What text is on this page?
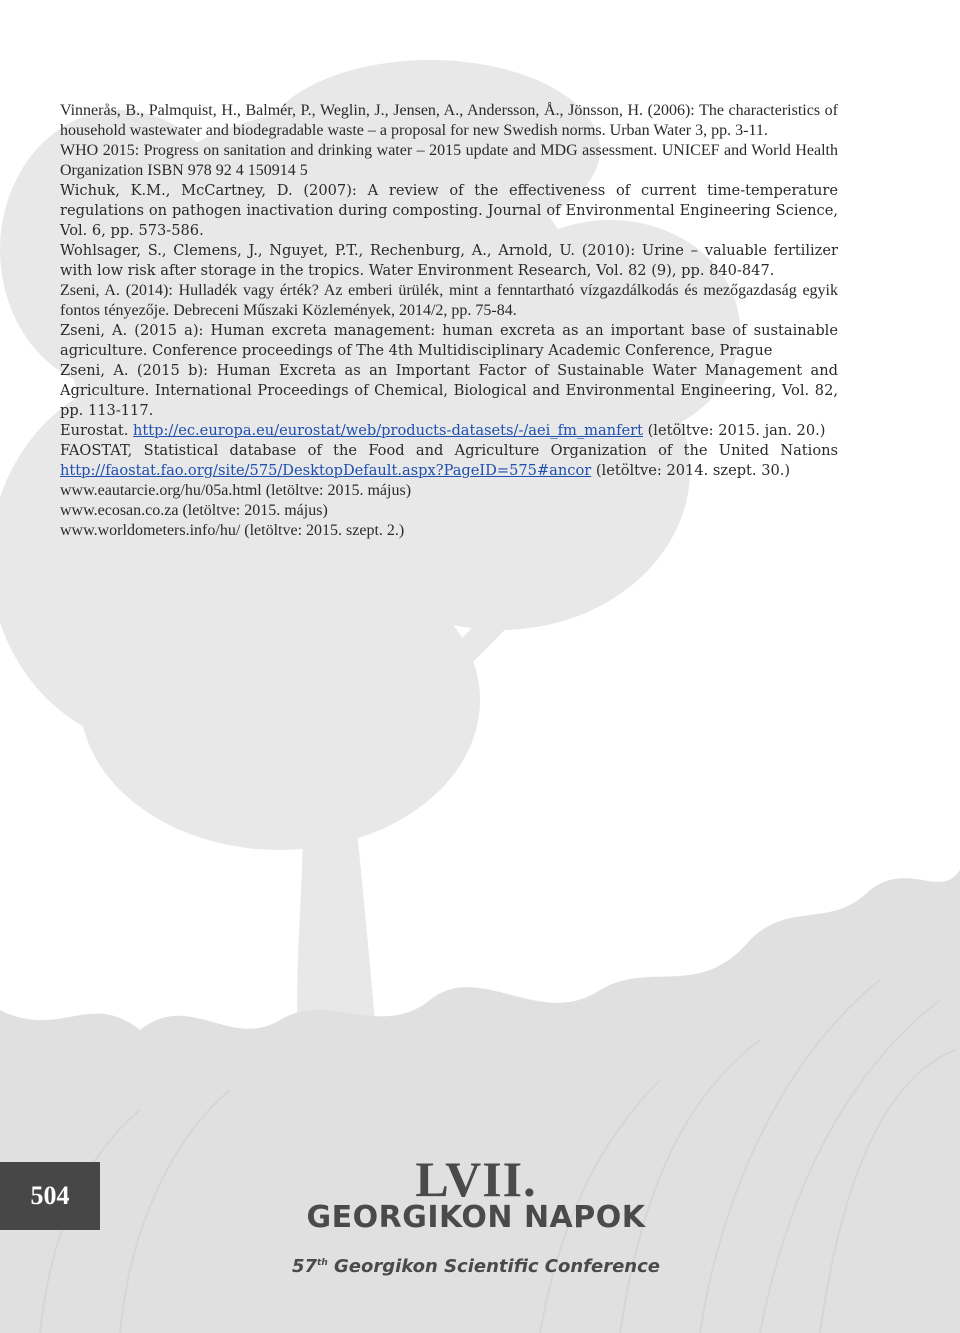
Vinnerås, B., Palmquist, H., Balmér, P., Weglin, J., Jensen, A., Andersson, Å., Jönsson, H. (2006): The characteristics of household wastewater and biodegradable waste – a proposal for new Swedish norms. Urban Water 3, pp. 3-11.

WHO 2015: Progress on sanitation and drinking water – 2015 update and MDG assessment. UNICEF and World Health Organization ISBN 978 92 4 150914 5

Wichuk, K.M., McCartney, D. (2007): A review of the effectiveness of current time-temperature regulations on pathogen inactivation during composting. Journal of Environmental Engineering Science, Vol. 6, pp. 573-586.

Wohlsager, S., Clemens, J., Nguyet, P.T., Rechenburg, A., Arnold, U. (2010): Urine – valuable fertilizer with low risk after storage in the tropics. Water Environment Research, Vol. 82 (9), pp. 840-847.

Zseni, A. (2014): Hulladék vagy érték? Az emberi ürülék, mint a fenntartható vízgazdálkodás és mezőgazdaság egyik fontos tényezője. Debreceni Műszaki Közlemények, 2014/2, pp. 75-84.

Zseni, A. (2015 a): Human excreta management: human excreta as an important base of sustainable agriculture. Conference proceedings of The 4th Multidisciplinary Academic Conference, Prague

Zseni, A. (2015 b): Human Excreta as an Important Factor of Sustainable Water Management and Agriculture. International Proceedings of Chemical, Biological and Environmental Engineering, Vol. 82, pp. 113-117.

Eurostat. http://ec.europa.eu/eurostat/web/products-datasets/-/aei_fm_manfert (letöltve: 2015. jan. 20.)

FAOSTAT, Statistical database of the Food and Agriculture Organization of the United Nations http://faostat.fao.org/site/575/DesktopDefault.aspx?PageID=575#ancor (letöltve: 2014. szept. 30.)

www.eautarcie.org/hu/05a.html (letöltve: 2015. május)

www.ecosan.co.za (letöltve: 2015. május)

www.worldometers.info/hu/ (letöltve: 2015. szept. 2.)

504	LVII.
GEORGIKON NAPOK
57th Georgikon Scientific Conference
